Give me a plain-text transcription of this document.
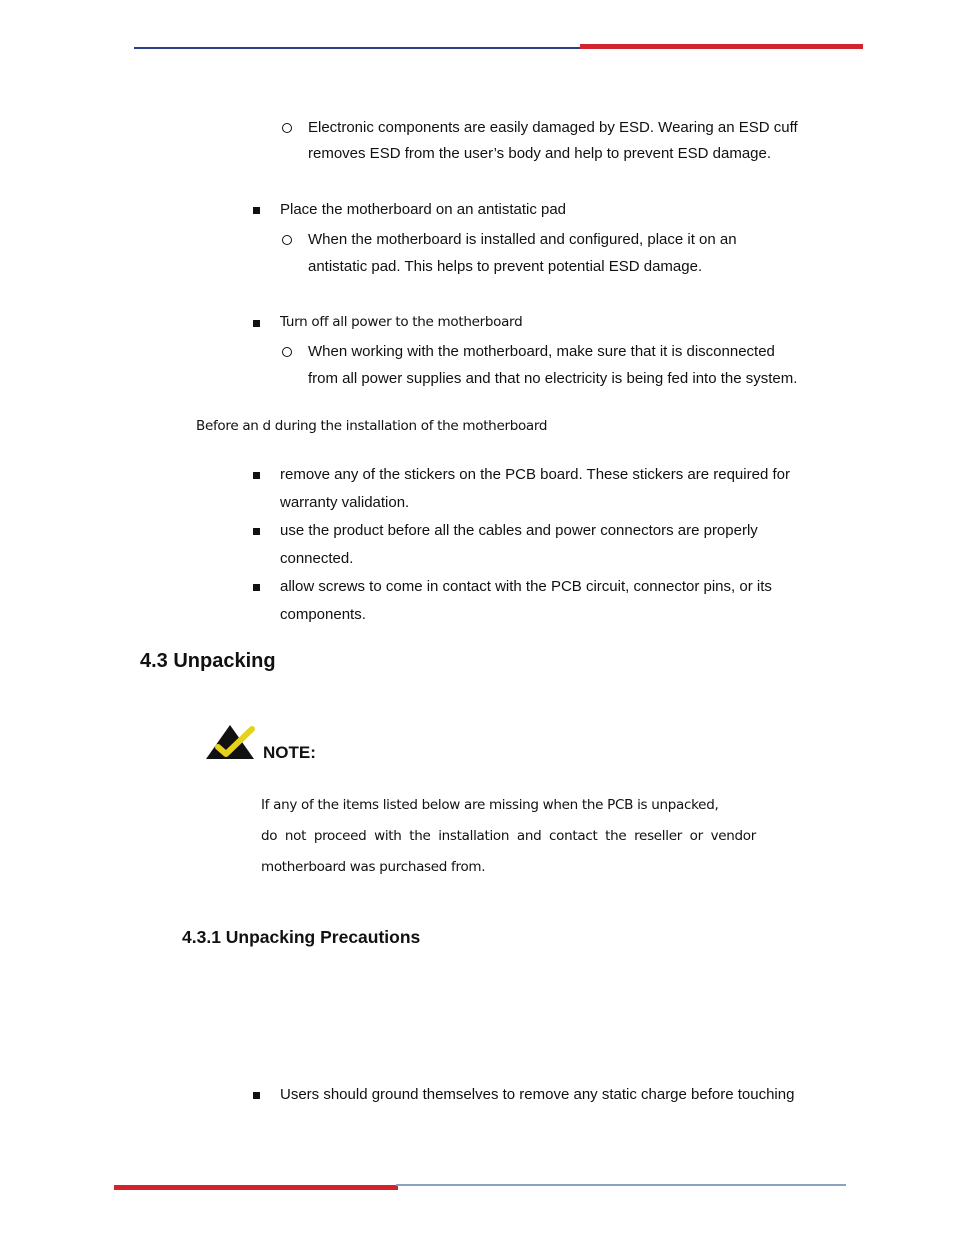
Electronic components are easily damaged by ESD. Wearing an ESD cuff
removes ESD from the user’s body and help to prevent ESD damage.
Place the motherboard on an antistatic pad
When the motherboard is installed and configured, place it on an
antistatic pad. This helps to prevent potential ESD damage.
Turn off all power to the motherboard
When working with the motherboard, make sure that it is disconnected
from all power supplies and that no electricity is being fed into the system.
Before an d during the installation of the motherboard
remove any of the stickers on the PCB board. These stickers are required for
warranty validation.
use the product before all the cables and power connectors are properly
connected.
allow screws to come in contact with the PCB circuit, connector pins, or its
components.
4.3 Unpacking
NOTE:
If any of the items listed below are missing when the PCB is unpacked,
do not proceed with the installation and contact the reseller or vendor
motherboard was purchased from.
4.3.1 Unpacking Precautions
Users should ground themselves to remove any static charge before touching
